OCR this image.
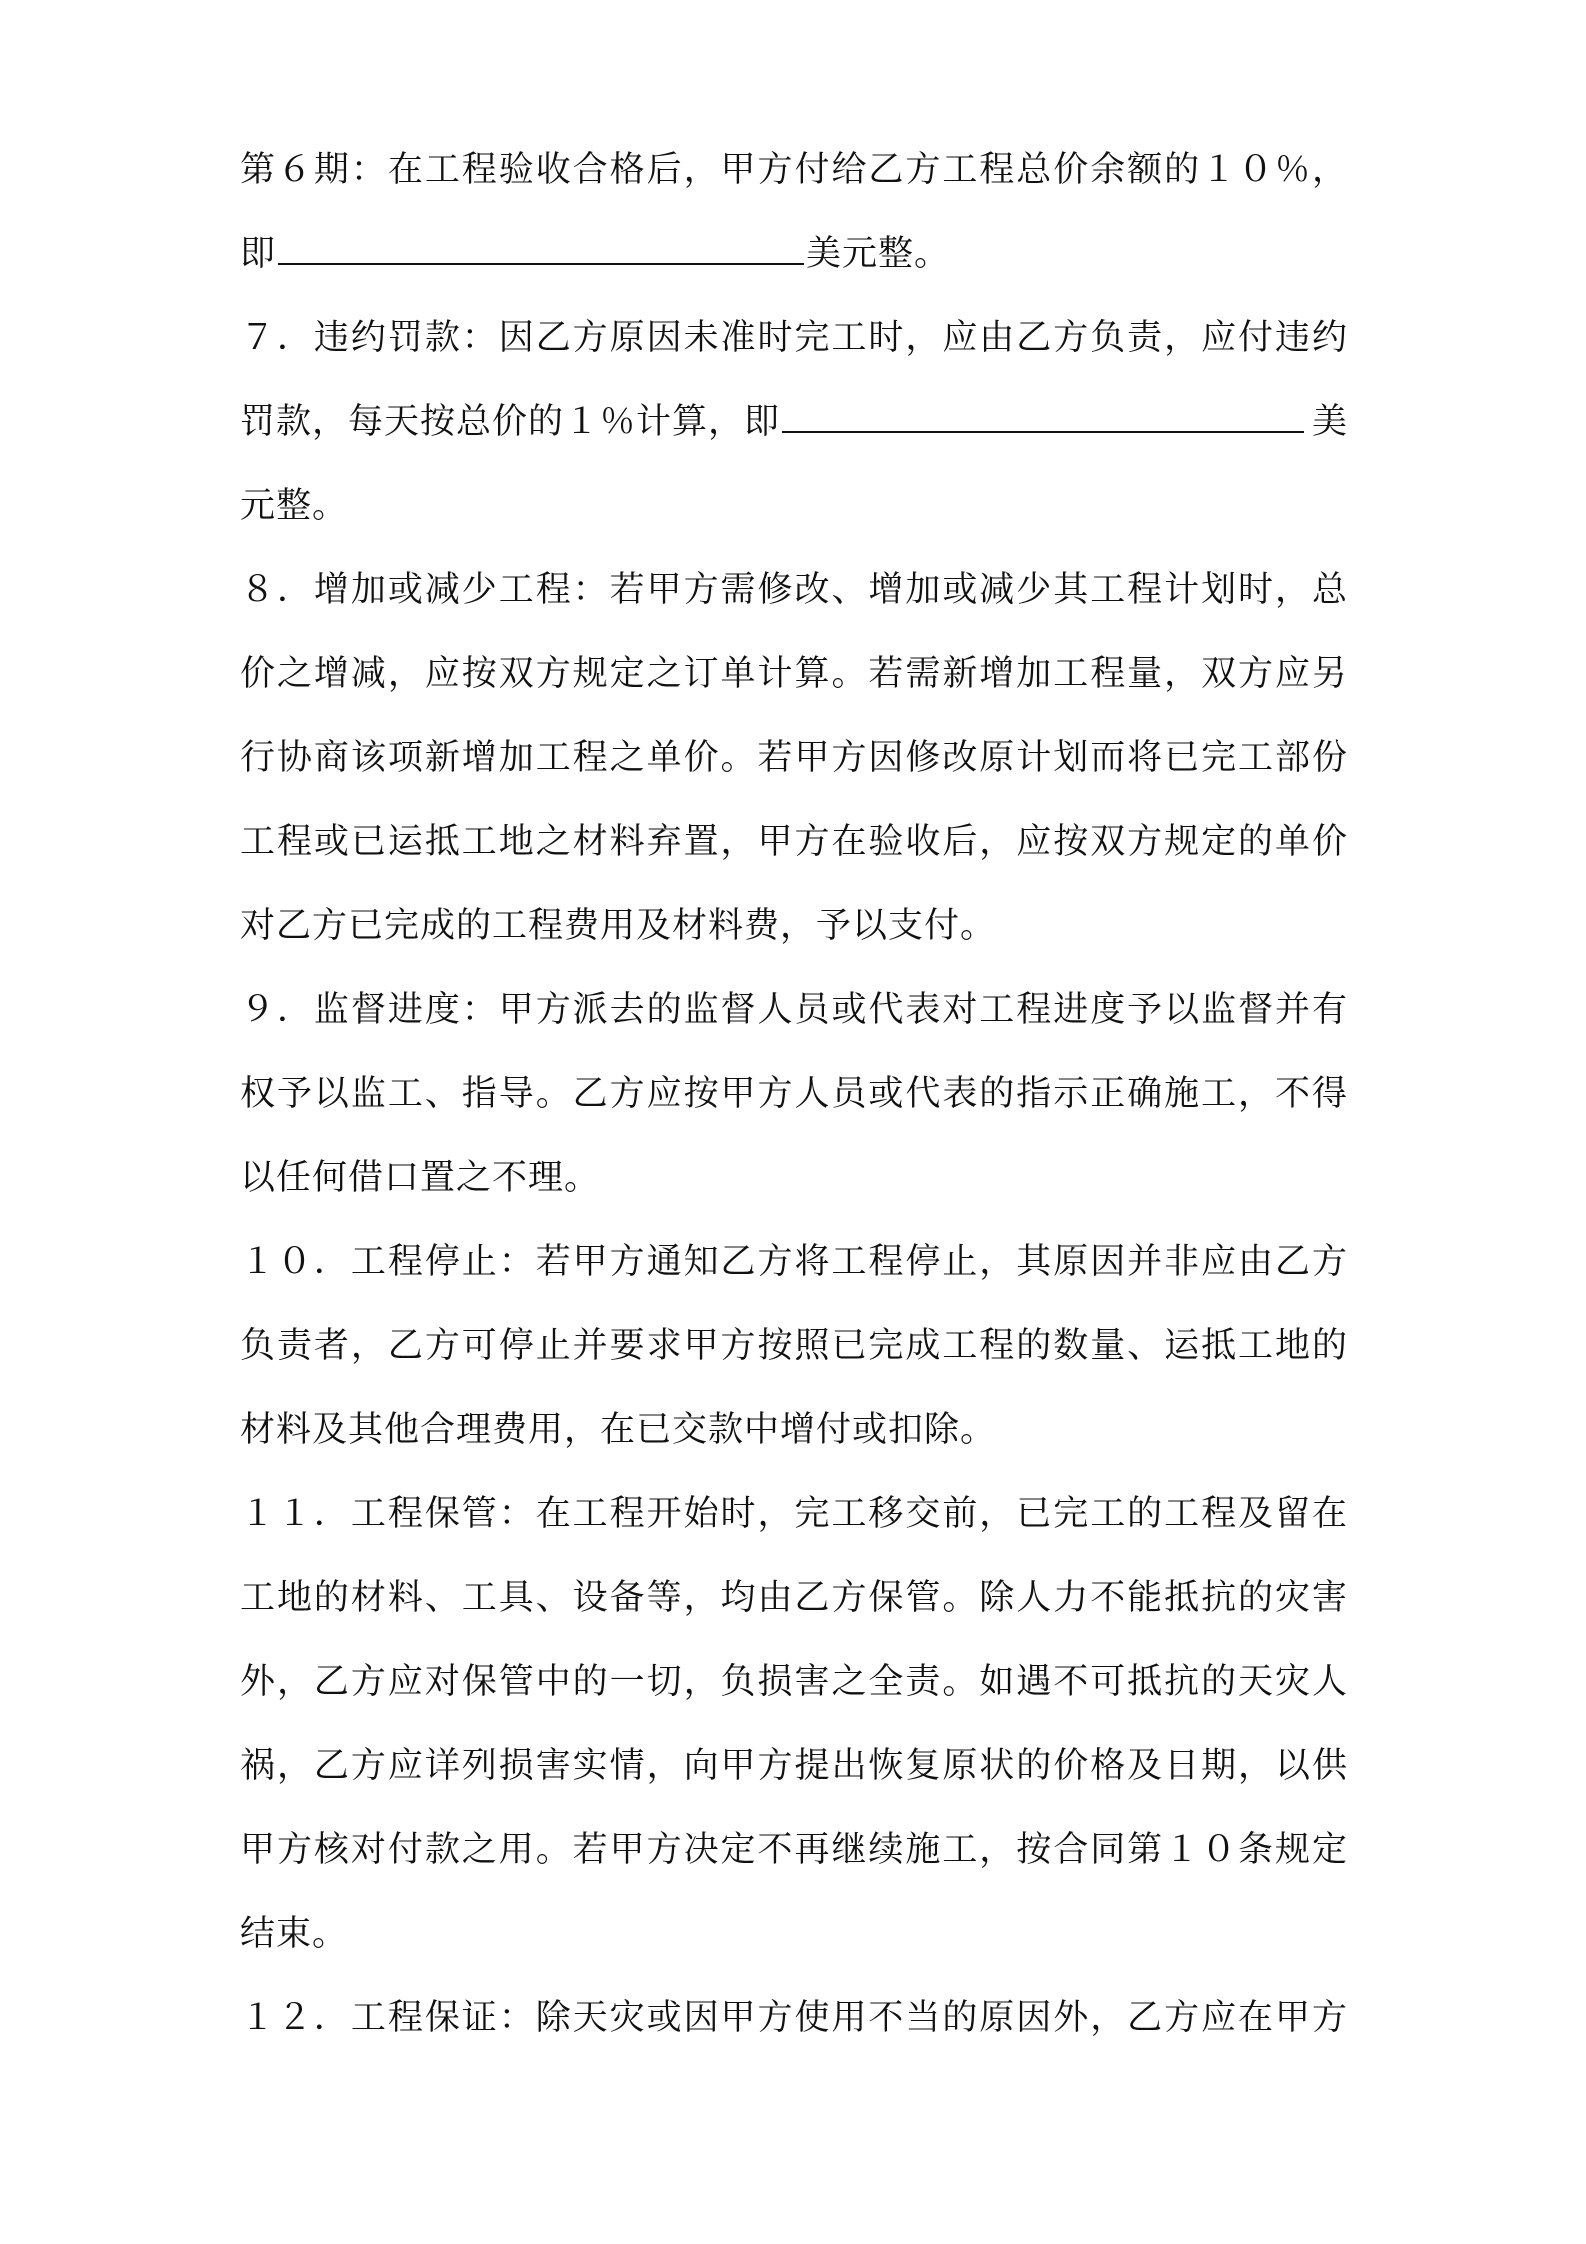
第６期：在工程验收合格后，甲方付给乙方工程总价余额的１０％，
即	美元整。
７．违约罚款：因乙方原因未准时完工时，应由乙方负责，应付违约
罚款，每天按总价的１％计算，即	美
元整。
８．增加或减少工程：若甲方需修改、增加或减少其工程计划时，总
价之增减，应按双方规定之订单计算。若需新增加工程量，双方应另
行协商该项新增加工程之单价。若甲方因修改原计划而将已完工部份
工程或已运抵工地之材料弃置，甲方在验收后，应按双方规定的单价
对乙方已完成的工程费用及材料费，予以支付。
９．监督进度：甲方派去的监督人员或代表对工程进度予以监督并有
权予以监工、指导。乙方应按甲方人员或代表的指示正确施工，不得
以任何借口置之不理。
１０．工程停止：若甲方通知乙方将工程停止，其原因并非应由乙方
负责者，乙方可停止并要求甲方按照已完成工程的数量、运抵工地的
材料及其他合理费用，在已交款中增付或扣除。
１１．工程保管：在工程开始时，完工移交前，已完工的工程及留在
工地的材料、工具、设备等，均由乙方保管。除人力不能抵抗的灾害
外，乙方应对保管中的一切，负损害之全责。如遇不可抵抗的天灾人
祸，乙方应详列损害实情，向甲方提出恢复原状的价格及日期，以供
甲方核对付款之用。若甲方决定不再继续施工，按合同第１０条规定
结束。
１２．工程保证：除天灾或因甲方使用不当的原因外，乙方应在甲方
